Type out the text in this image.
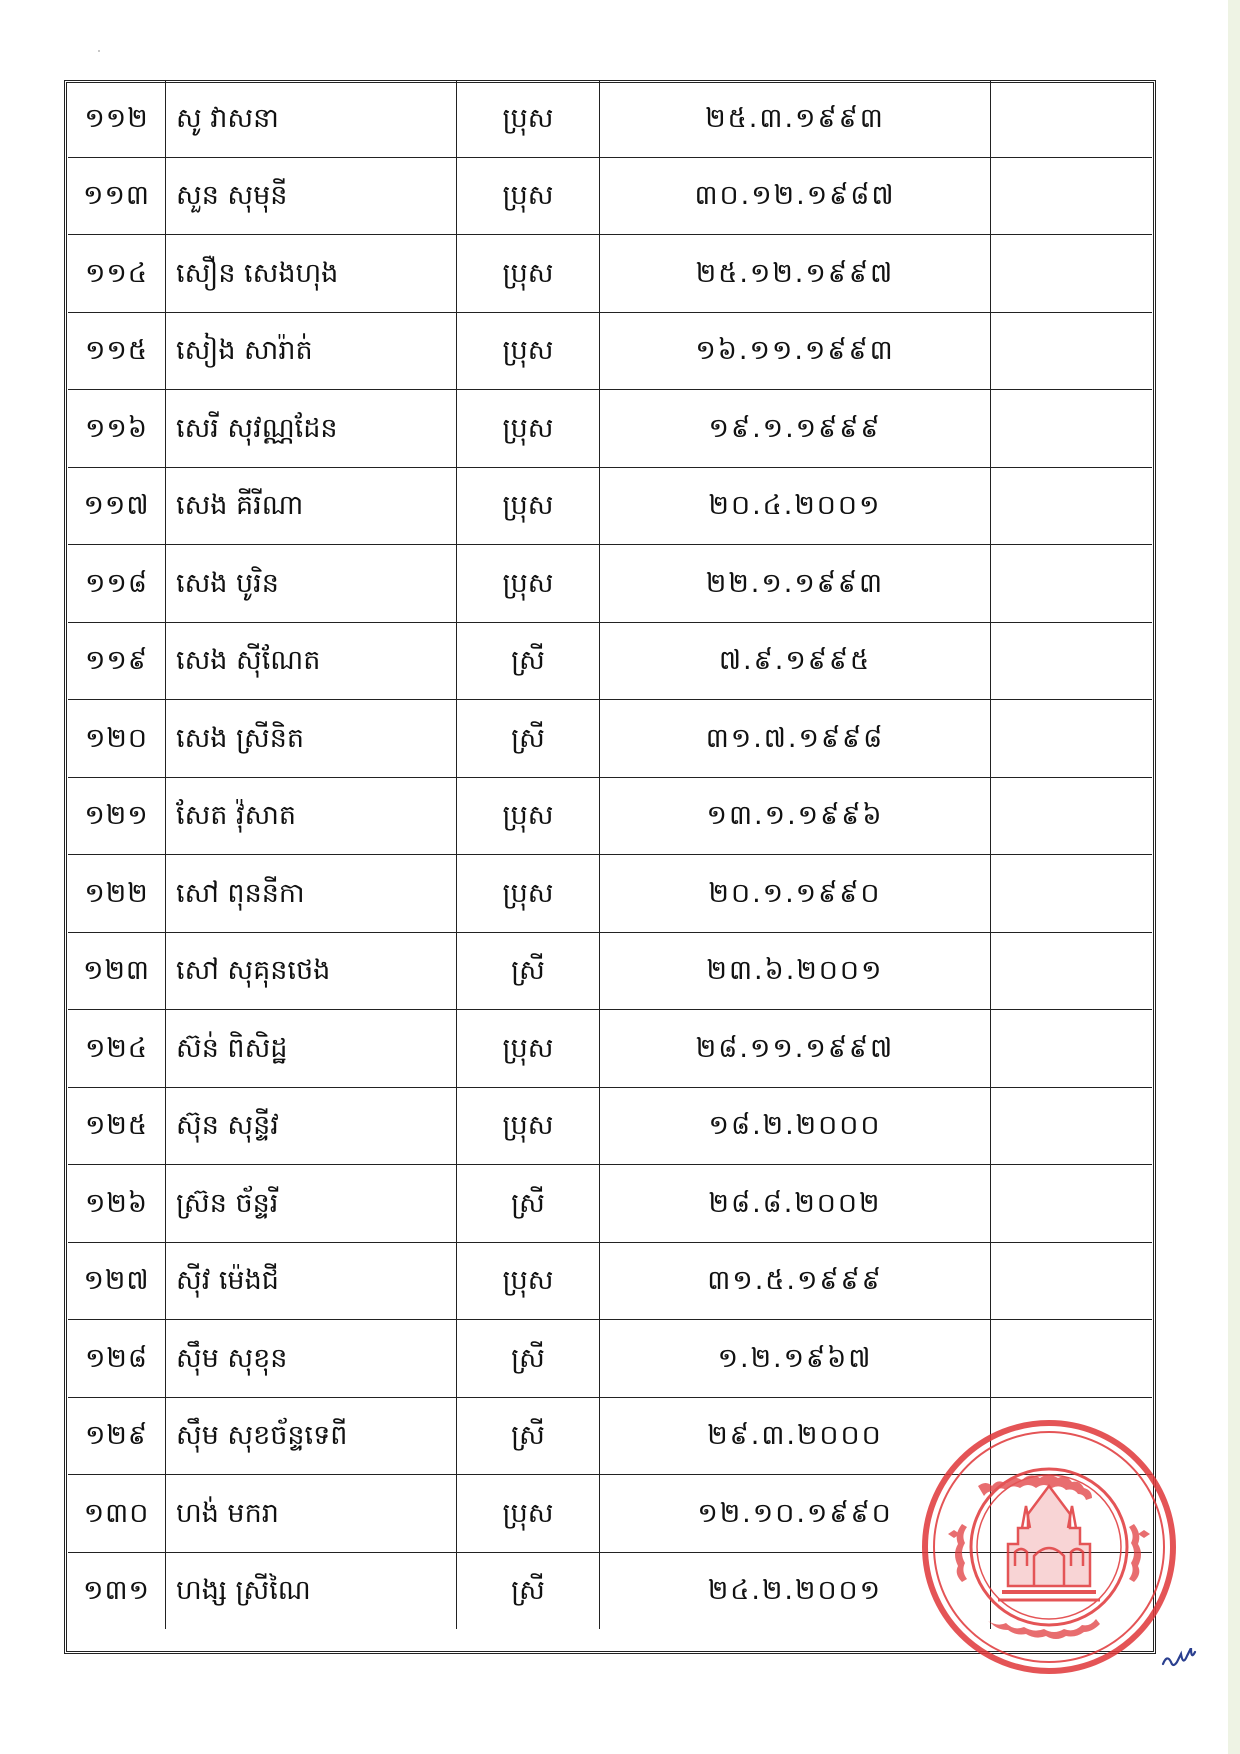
១១២	សូ វាសនា	ប្រុស	២៥.៣.១៩៩៣	
១១៣	សួន សុមុនី	ប្រុស	៣០.១២.១៩៨៧	
១១៤	សឿន សេងហុង	ប្រុស	២៥.១២.១៩៩៧	
១១៥	សៀង សារ៉ាត់	ប្រុស	១៦.១១.១៩៩៣	
១១៦	សេរី សុវណ្ណដែន	ប្រុស	១៩.១.១៩៩៩	
១១៧	សេង គីរីណា	ប្រុស	២០.៤.២០០១	
១១៨	សេង បូរិន	ប្រុស	២២.១.១៩៩៣	
១១៩	សេង ស៊ីណែត	ស្រី	៧.៩.១៩៩៥	
១២០	សេង ស្រីនិត	ស្រី	៣១.៧.១៩៩៨	
១២១	សែត វ៉ុសាត	ប្រុស	១៣.១.១៩៩៦	
១២២	សៅ ពុននីកា	ប្រុស	២០.១.១៩៩០	
១២៣	សៅ សុគុនថេង	ស្រី	២៣.៦.២០០១	
១២៤	ស៊ន់ ពិសិដ្ឋ	ប្រុស	២៨.១១.១៩៩៧	
១២៥	ស៊ុន សុន្ទីវ	ប្រុស	១៨.២.២០០០	
១២៦	ស្រ៊ន ច័ន្ទរី	ស្រី	២៨.៨.២០០២	
១២៧	ស៊ីវ ម៉េងជី	ប្រុស	៣១.៥.១៩៩៩	
១២៨	ស៊ឹម សុខុន	ស្រី	១.២.១៩៦៧	
១២៩	ស៊ឹម សុខច័ន្ទទេពី	ស្រី	២៩.៣.២០០០	
១៣០	ហង់ មករា	ប្រុស	១២.១០.១៩៩០	
១៣១	ហង្ស ស្រីណៃ	ស្រី	២៤.២.២០០១	
